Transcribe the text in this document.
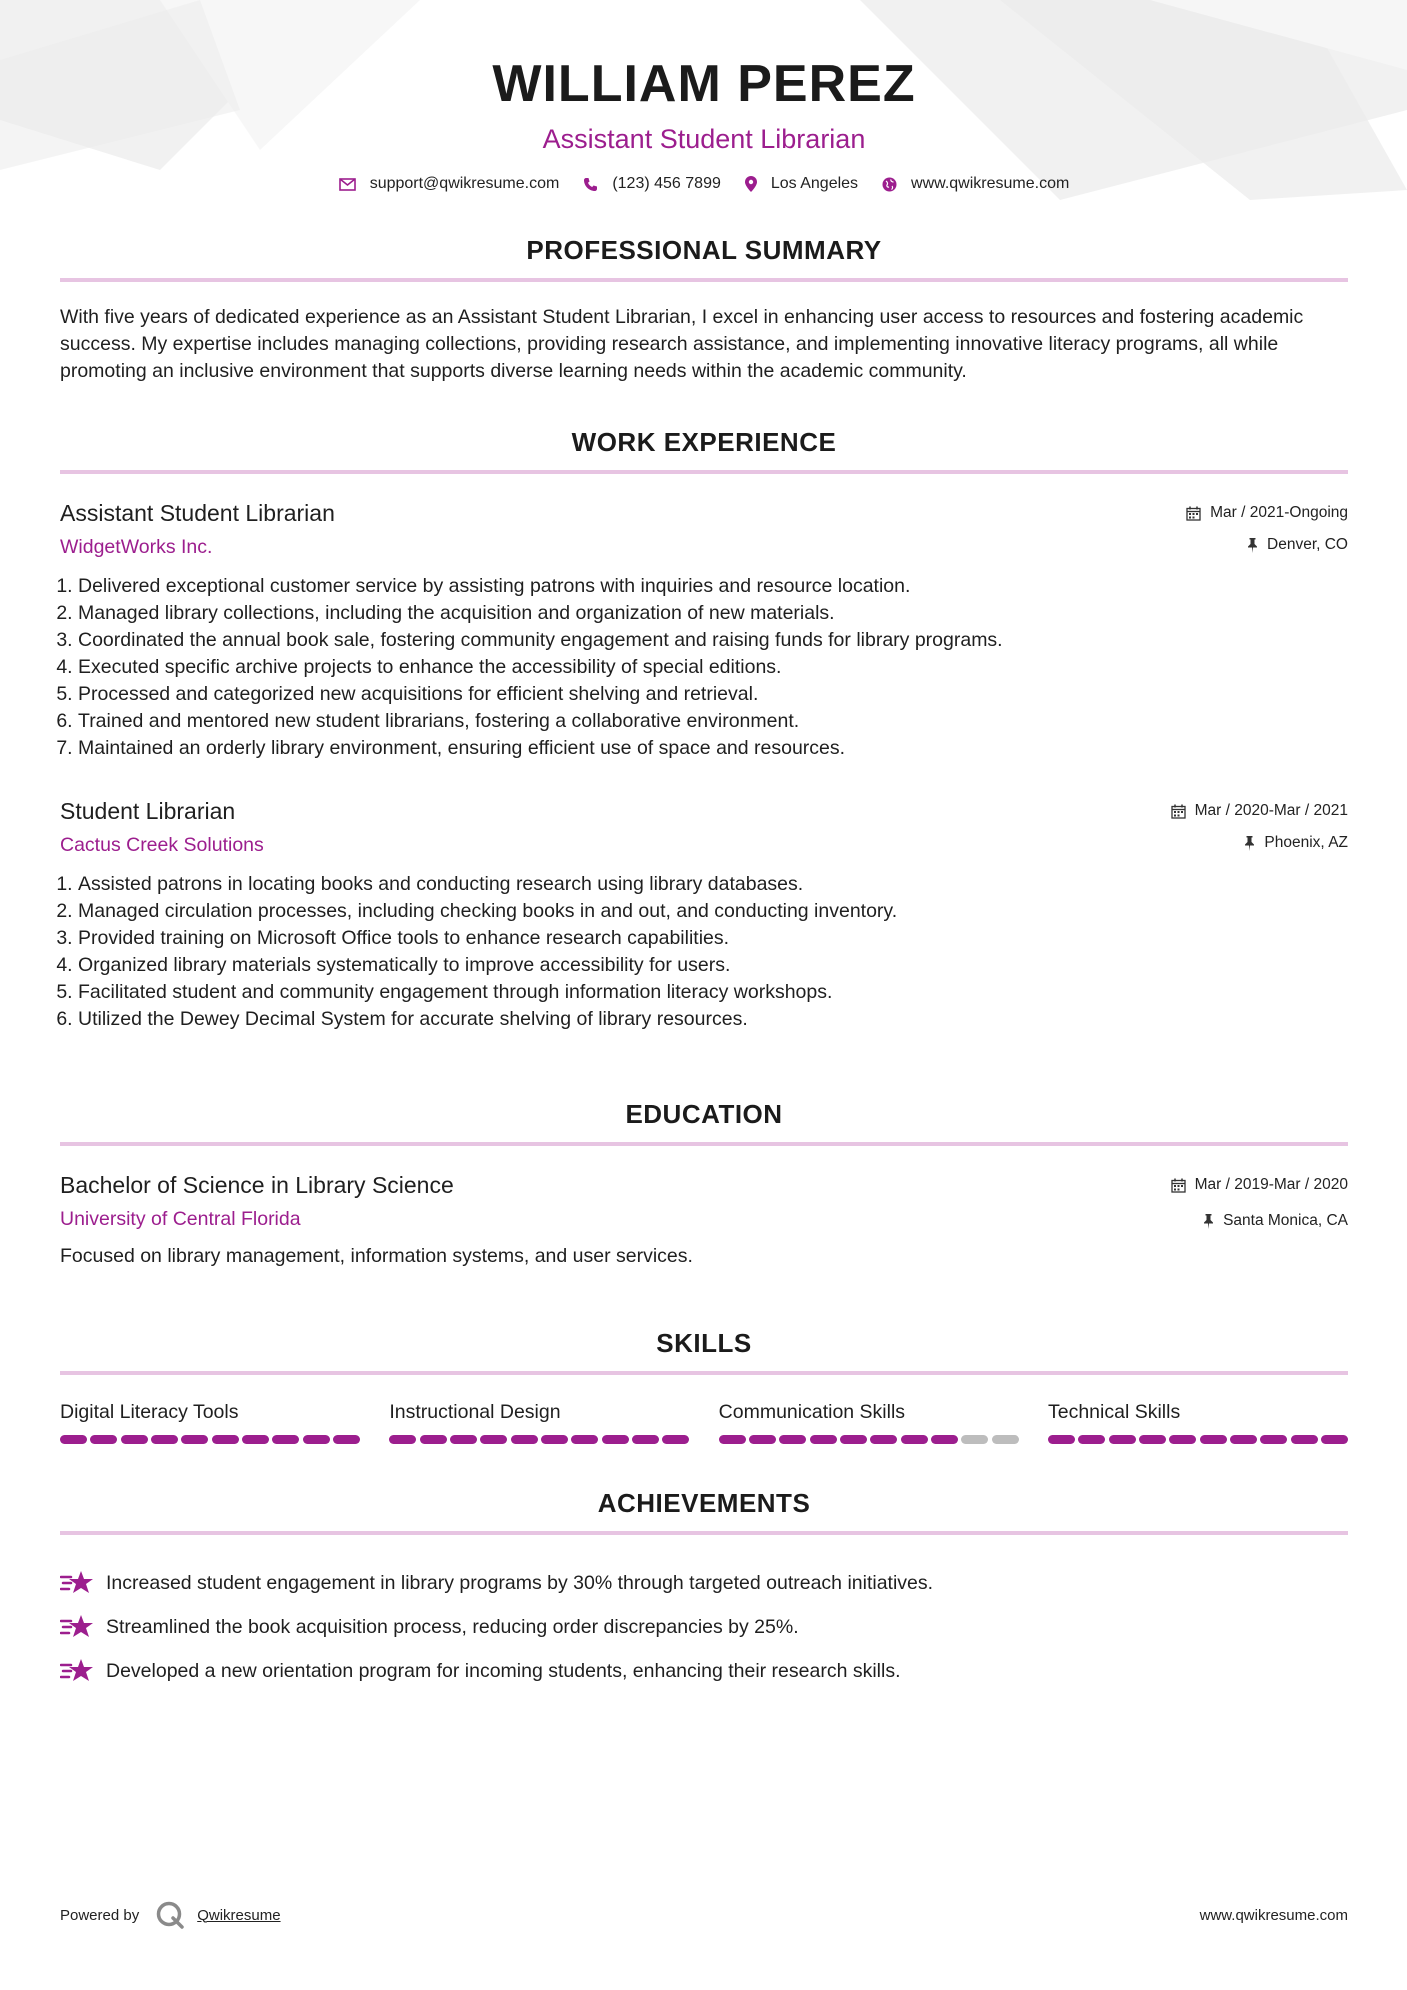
WILLIAM PEREZ
Assistant Student Librarian
support@qwikresume.com	(123) 456 7899	Los Angeles	www.qwikresume.com
PROFESSIONAL SUMMARY
With five years of dedicated experience as an Assistant Student Librarian, I excel in enhancing user access to resources and fostering academic success. My expertise includes managing collections, providing research assistance, and implementing innovative literacy programs, all while promoting an inclusive environment that supports diverse learning needs within the academic community.
WORK EXPERIENCE
Assistant Student Librarian
WidgetWorks Inc.
Mar / 2021-Ongoing
Denver, CO
1. Delivered exceptional customer service by assisting patrons with inquiries and resource location.
2. Managed library collections, including the acquisition and organization of new materials.
3. Coordinated the annual book sale, fostering community engagement and raising funds for library programs.
4. Executed specific archive projects to enhance the accessibility of special editions.
5. Processed and categorized new acquisitions for efficient shelving and retrieval.
6. Trained and mentored new student librarians, fostering a collaborative environment.
7. Maintained an orderly library environment, ensuring efficient use of space and resources.
Student Librarian
Cactus Creek Solutions
Mar / 2020-Mar / 2021
Phoenix, AZ
1. Assisted patrons in locating books and conducting research using library databases.
2. Managed circulation processes, including checking books in and out, and conducting inventory.
3. Provided training on Microsoft Office tools to enhance research capabilities.
4. Organized library materials systematically to improve accessibility for users.
5. Facilitated student and community engagement through information literacy workshops.
6. Utilized the Dewey Decimal System for accurate shelving of library resources.
EDUCATION
Bachelor of Science in Library Science
University of Central Florida
Mar / 2019-Mar / 2020
Santa Monica, CA
Focused on library management, information systems, and user services.
SKILLS
Digital Literacy Tools	Instructional Design	Communication Skills	Technical Skills
ACHIEVEMENTS
Increased student engagement in library programs by 30% through targeted outreach initiatives.
Streamlined the book acquisition process, reducing order discrepancies by 25%.
Developed a new orientation program for incoming students, enhancing their research skills.
Powered by	Qwikresume	www.qwikresume.com
